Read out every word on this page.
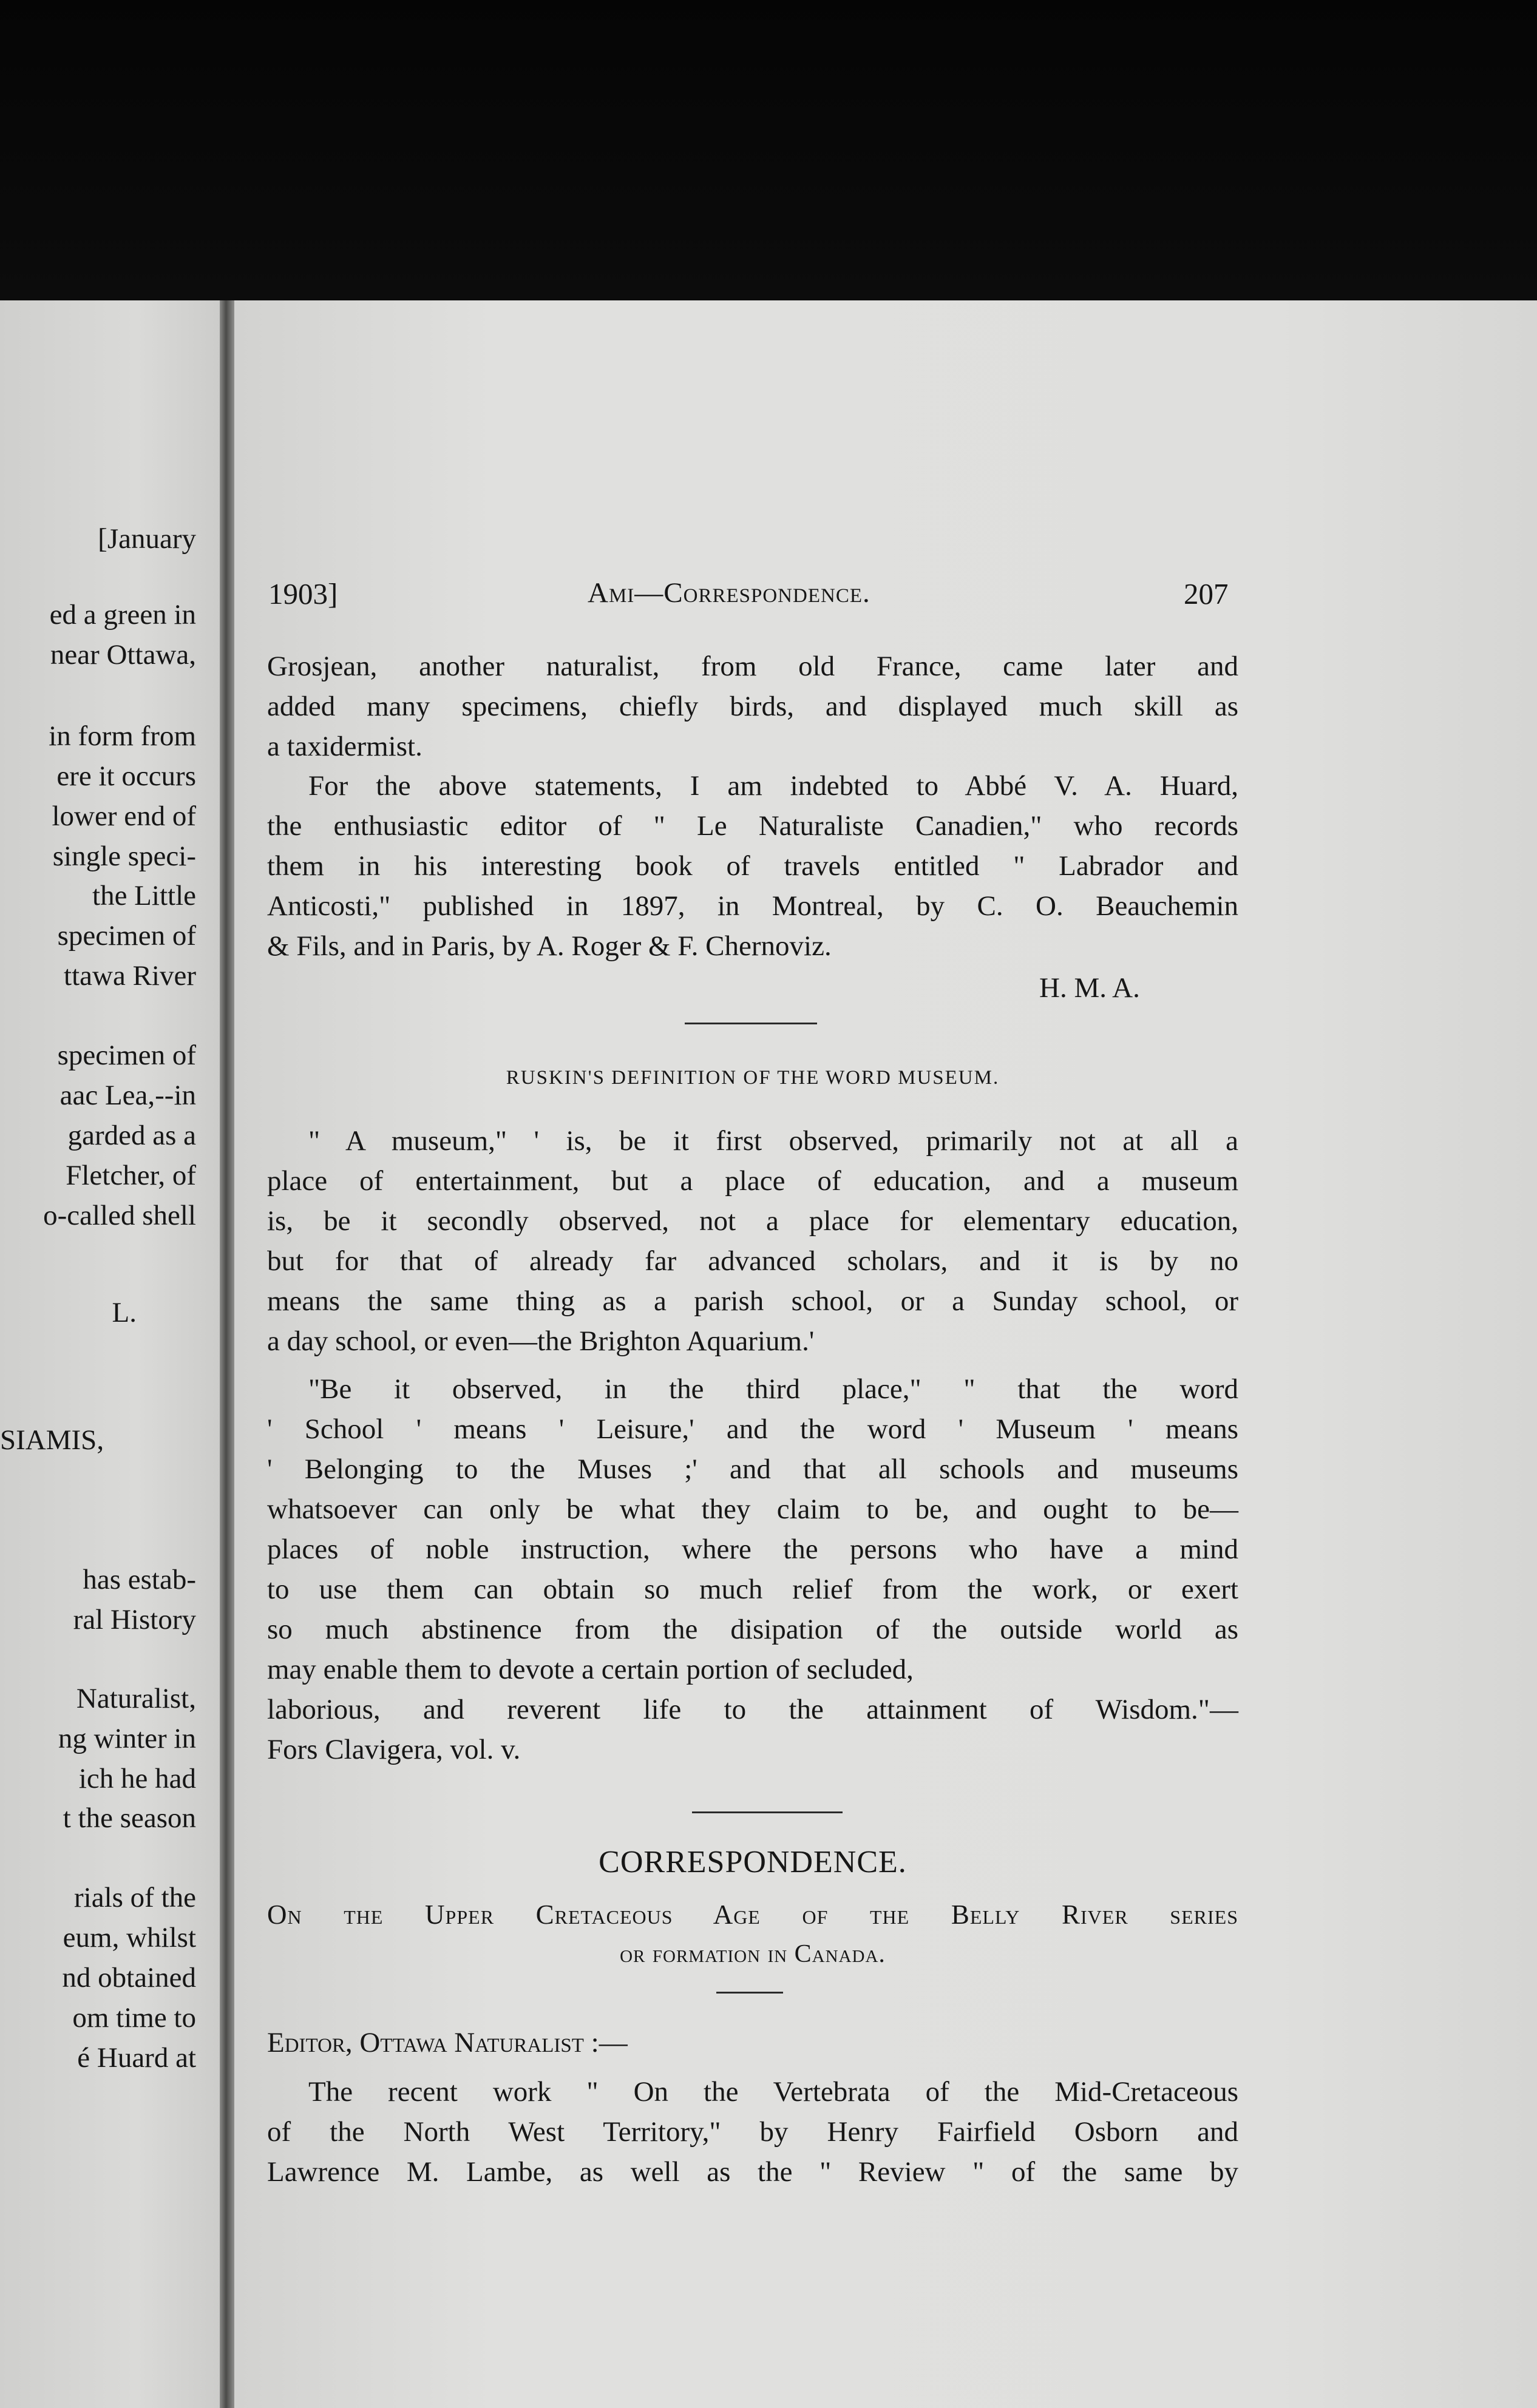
[January
ed a green in
near Ottawa,
in form from
ere it occurs
lower end of
single speci-
the Little
specimen of
ttawa River
specimen of
aac Lea,--in
garded as a
Fletcher, of
o-called shell
L.
SIAMIS,
has estab-
ral History
Naturalist,
ng winter in
ich he had
t the season
rials of the
eum, whilst
nd obtained
om time to
é Huard at
1903]	Ami—Correspondence.	207
Grosjean, another naturalist, from old France, came later and
added many specimens, chiefly birds, and displayed much skill as
a taxidermist.
For the above statements, I am indebted to Abbé V. A. Huard,
the enthusiastic editor of " Le Naturaliste Canadien," who records
them in his interesting book of travels entitled " Labrador and
Anticosti," published in 1897, in Montreal, by C. O. Beauchemin
& Fils, and in Paris, by A. Roger & F. Chernoviz.
H. M. A.
RUSKIN'S DEFINITION OF THE WORD MUSEUM.
" A museum," ' is, be it first observed, primarily not at all a
place of entertainment, but a place of education, and a museum
is, be it secondly observed, not a place for elementary education,
but for that of already far advanced scholars, and it is by no
means the same thing as a parish school, or a Sunday school, or
a day school, or even—the Brighton Aquarium.'
"Be it observed, in the third place," " that the word
' School ' means ' Leisure,' and the word ' Museum ' means
' Belonging to the Muses ;' and that all schools and museums
whatsoever can only be what they claim to be, and ought to be—
places of noble instruction, where the persons who have a mind
to use them can obtain so much relief from the work, or exert
so much abstinence from the disipation of the outside world as
may enable them to devote a certain portion of secluded,
laborious, and reverent life to the attainment of Wisdom."—
Fors Clavigera, vol. v.
CORRESPONDENCE.
On the Upper Cretaceous Age of the Belly River series
or formation in Canada.
Editor, Ottawa Naturalist :—
The recent work " On the Vertebrata of the Mid-Cretaceous
of the North West Territory," by Henry Fairfield Osborn and
Lawrence M. Lambe, as well as the " Review " of the same by
